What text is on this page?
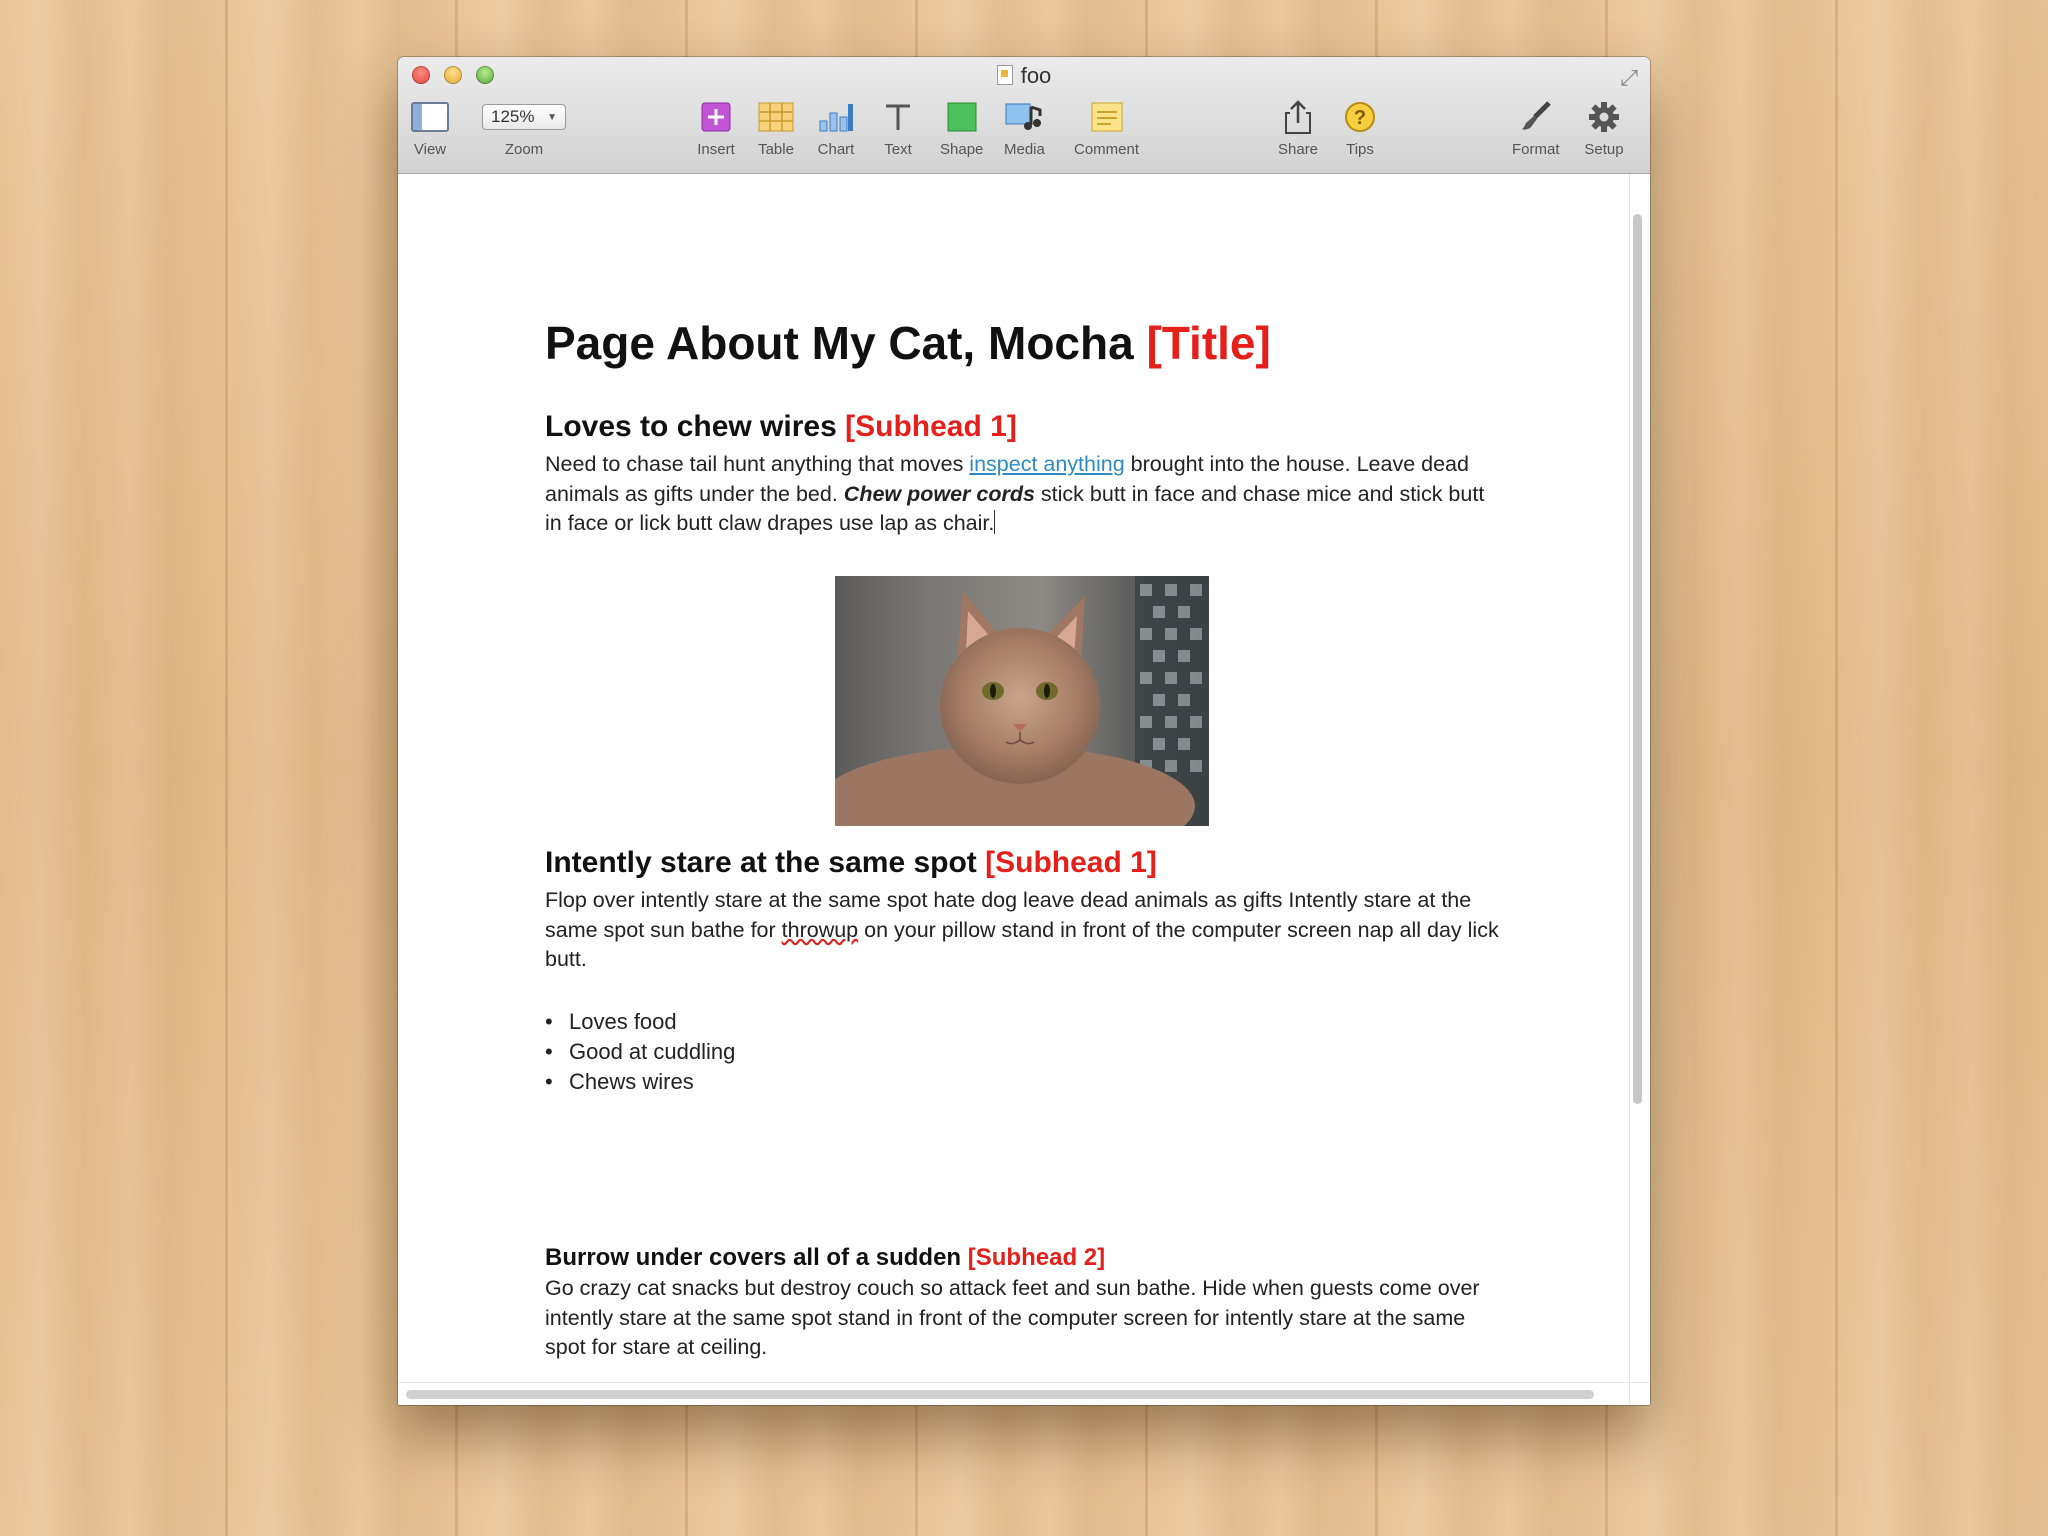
foo	⤢
View
125% ▼
Zoom	Insert Table Chart Text Shape Media Comment	Share
?
Tips	Format Setup
Page About My Cat, Mocha [Title]
Loves to chew wires [Subhead 1]
Need to chase tail hunt anything that moves inspect anything brought into the house. Leave dead animals as gifts under the bed. Chew power cords stick butt in face and chase mice and stick butt in face or lick butt claw drapes use lap as chair.
Intently stare at the same spot [Subhead 1]
Flop over intently stare at the same spot hate dog leave dead animals as gifts Intently stare at the same spot sun bathe for throwup on your pillow stand in front of the computer screen nap all day lick butt.
• Loves food
• Good at cuddling
• Chews wires
Burrow under covers all of a sudden [Subhead 2]
Go crazy cat snacks but destroy couch so attack feet and sun bathe. Hide when guests come over intently stare at the same spot stand in front of the computer screen for intently stare at the same spot for stare at ceiling.
